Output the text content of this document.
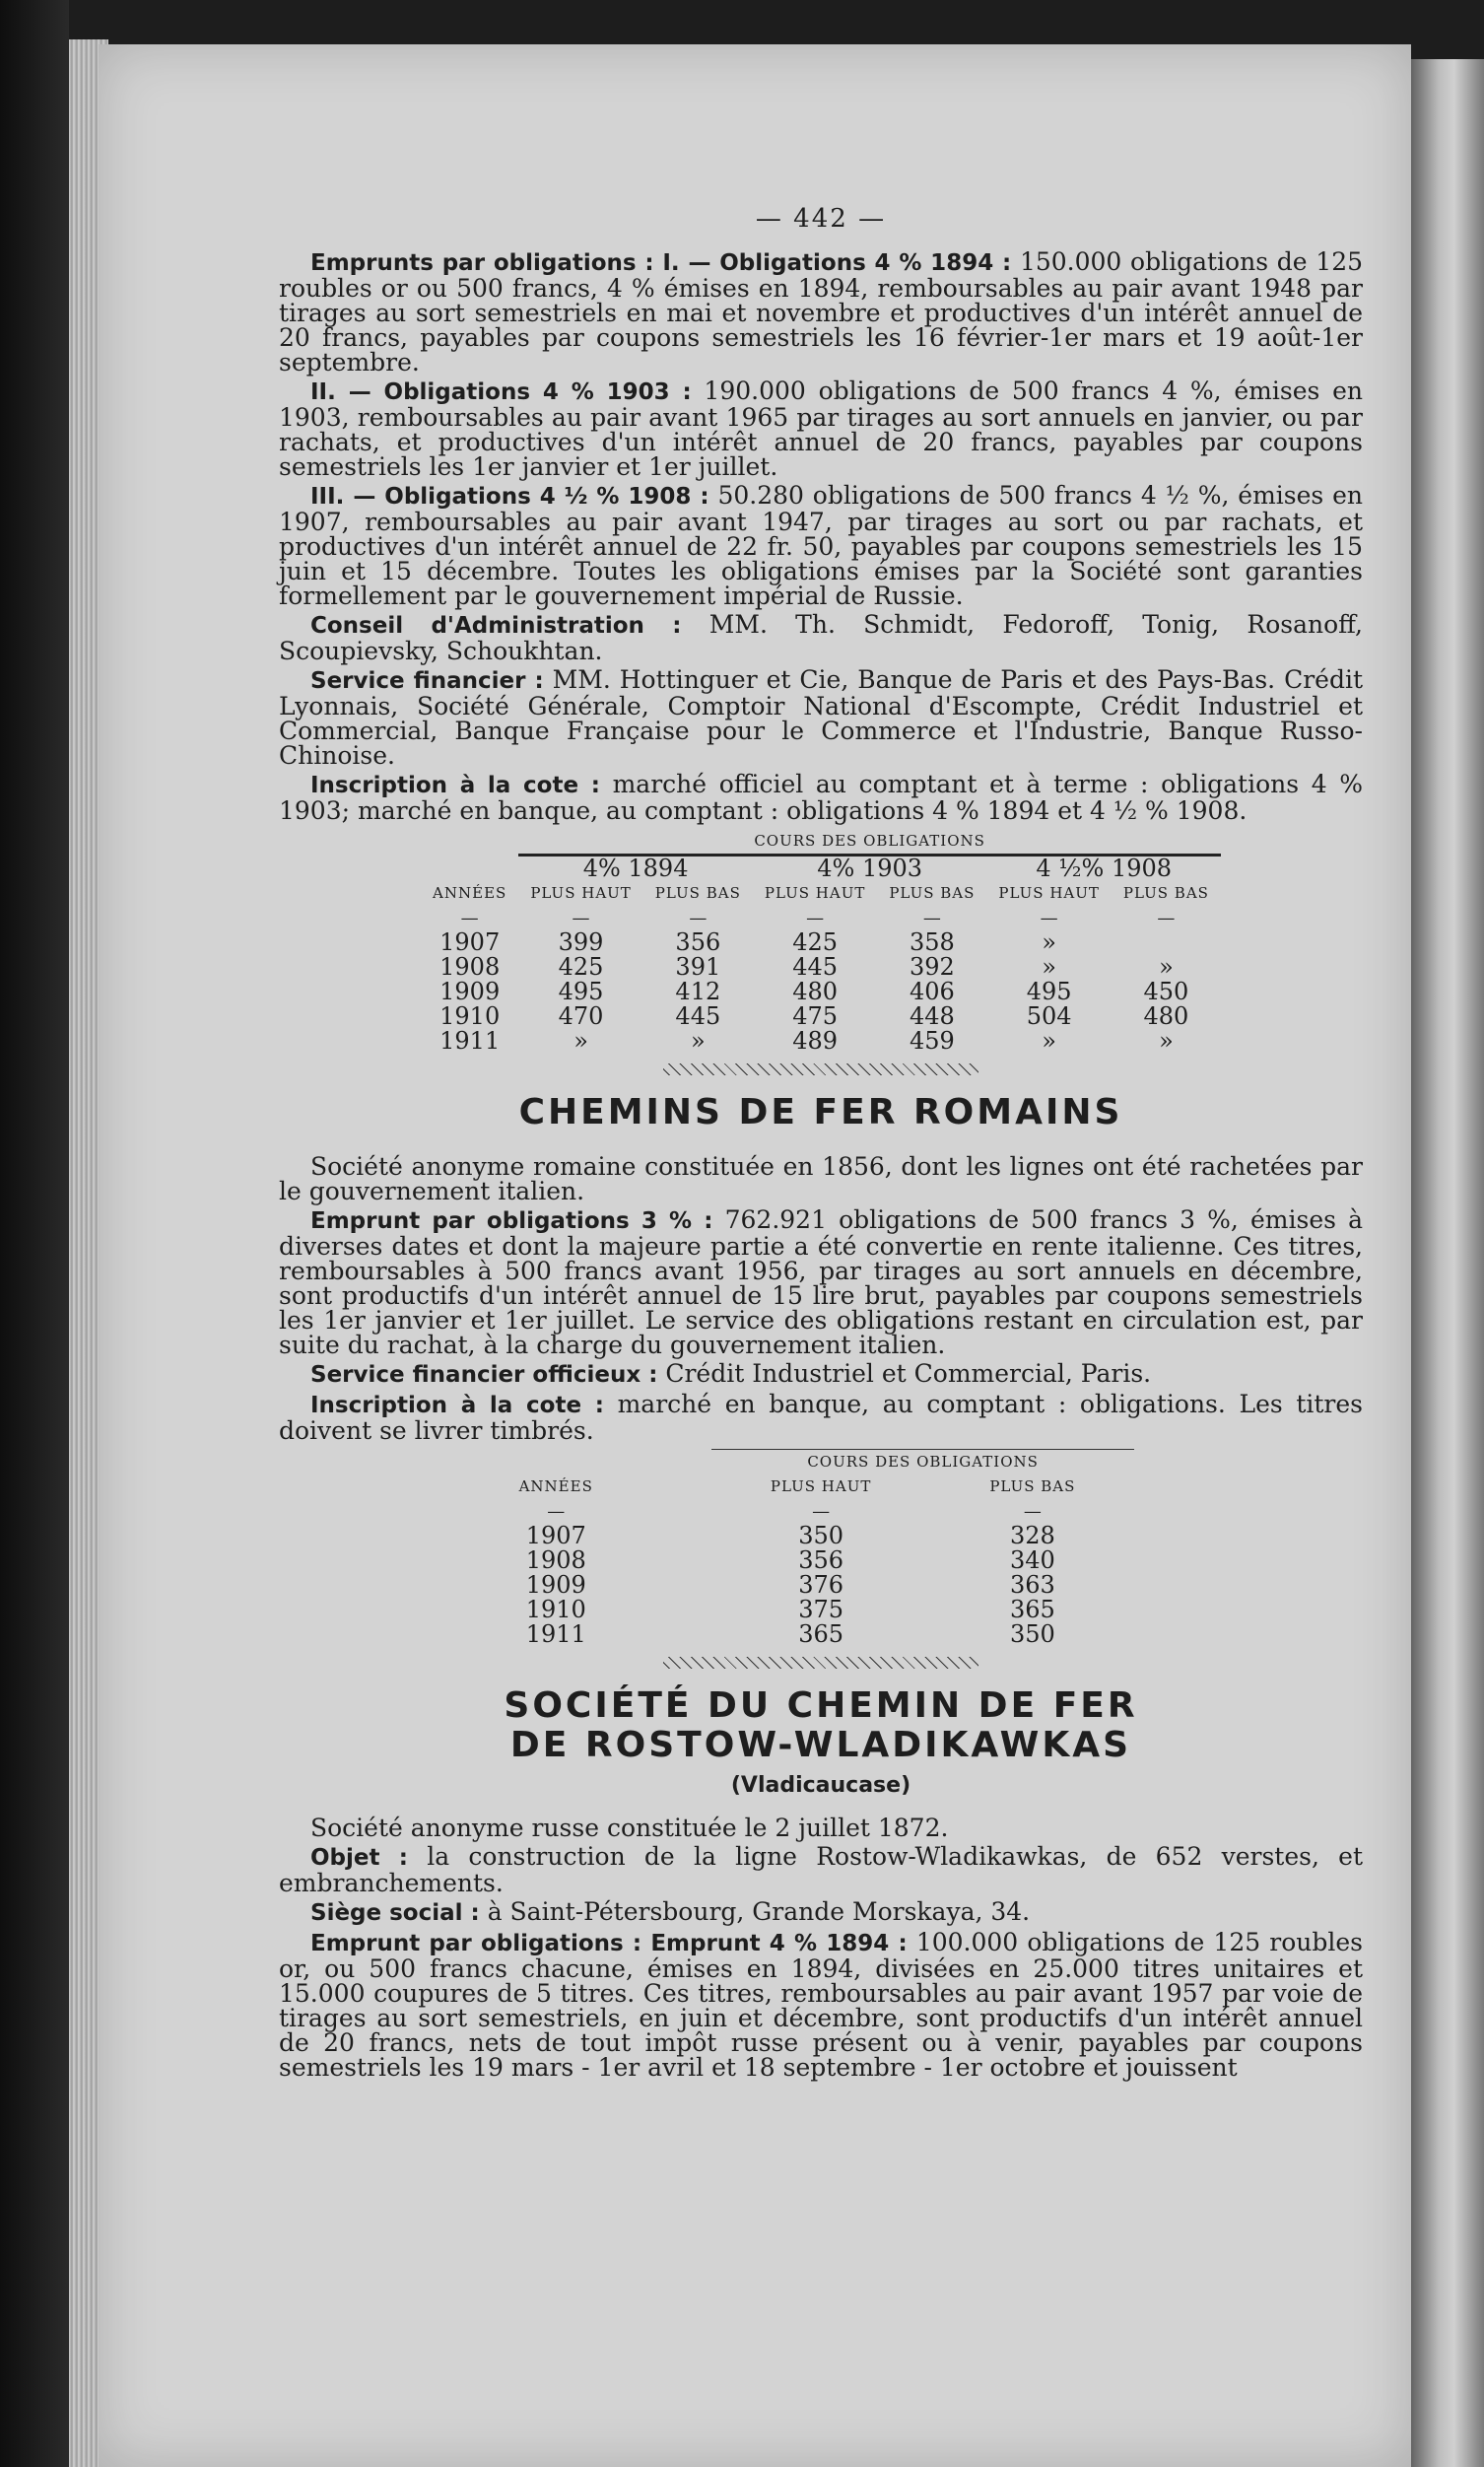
— 442 —

Emprunts par obligations : I. — Obligations 4 % 1894 : 150.000 obligations de 125 roubles or ou 500 francs, 4 % émises en 1894, remboursables au pair avant 1948 par tirages au sort semestriels en mai et novembre et productives d'un intérêt annuel de 20 francs, payables par coupons semestriels les 16 février-1er mars et 19 août-1er septembre.

II. — Obligations 4 % 1903 : 190.000 obligations de 500 francs 4 %, émises en 1903, remboursables au pair avant 1965 par tirages au sort annuels en janvier, ou par rachats, et productives d'un intérêt annuel de 20 francs, payables par coupons semestriels les 1er janvier et 1er juillet.

III. — Obligations 4 ½ % 1908 : 50.280 obligations de 500 francs 4 ½ %, émises en 1907, remboursables au pair avant 1947, par tirages au sort ou par rachats, et productives d'un intérêt annuel de 22 fr. 50, payables par coupons semestriels les 15 juin et 15 décembre. Toutes les obligations émises par la Société sont garanties formellement par le gouvernement impérial de Russie.

Conseil d'Administration : MM. Th. Schmidt, Fedoroff, Tonig, Rosanoff, Scoupievsky, Schoukhtan.

Service financier : MM. Hottinguer et Cie, Banque de Paris et des Pays-Bas. Crédit Lyonnais, Société Générale, Comptoir National d'Escompte, Crédit Industriel et Commercial, Banque Française pour le Commerce et l'Industrie, Banque Russo-Chinoise.

Inscription à la cote : marché officiel au comptant et à terme : obligations 4 % 1903; marché en banque, au comptant : obligations 4 % 1894 et 4 ½ % 1908.

	COURS DES OBLIGATIONS					
	4% 1894		4% 1903		4 ½% 1908	
ANNÉES	PLUS HAUT	PLUS BAS	PLUS HAUT	PLUS BAS	PLUS HAUT	PLUS BAS
—	—	—	—	—	—	—
1907	399	356	425	358	»	
1908	425	391	445	392	»	»
1909	495	412	480	406	495	450
1910	470	445	475	448	504	480
1911	»	»	489	459	»	»
CHEMINS DE FER ROMAINS

Société anonyme romaine constituée en 1856, dont les lignes ont été rachetées par le gouvernement italien.

Emprunt par obligations 3 % : 762.921 obligations de 500 francs 3 %, émises à diverses dates et dont la majeure partie a été convertie en rente italienne. Ces titres, remboursables à 500 francs avant 1956, par tirages au sort annuels en décembre, sont productifs d'un intérêt annuel de 15 lire brut, payables par coupons semestriels les 1er janvier et 1er juillet. Le service des obligations restant en circulation est, par suite du rachat, à la charge du gouvernement italien.

Service financier officieux : Crédit Industriel et Commercial, Paris.

Inscription à la cote : marché en banque, au comptant : obligations. Les titres doivent se livrer timbrés.

	COURS DES OBLIGATIONS	
ANNÉES	PLUS HAUT	PLUS BAS
—	—	—
1907	350	328
1908	356	340
1909	376	363
1910	375	365
1911	365	350
SOCIÉTÉ DU CHEMIN DE FER
DE ROSTOW-WLADIKAWKAS
(Vladicaucase)

Société anonyme russe constituée le 2 juillet 1872.

Objet : la construction de la ligne Rostow-Wladikawkas, de 652 verstes, et embranchements.

Siège social : à Saint-Pétersbourg, Grande Morskaya, 34.

Emprunt par obligations : Emprunt 4 % 1894 : 100.000 obligations de 125 roubles or, ou 500 francs chacune, émises en 1894, divisées en 25.000 titres unitaires et 15.000 coupures de 5 titres. Ces titres, remboursables au pair avant 1957 par voie de tirages au sort semestriels, en juin et décembre, sont productifs d'un intérêt annuel de 20 francs, nets de tout impôt russe présent ou à venir, payables par coupons semestriels les 19 mars - 1er avril et 18 septembre - 1er octobre et jouissent
